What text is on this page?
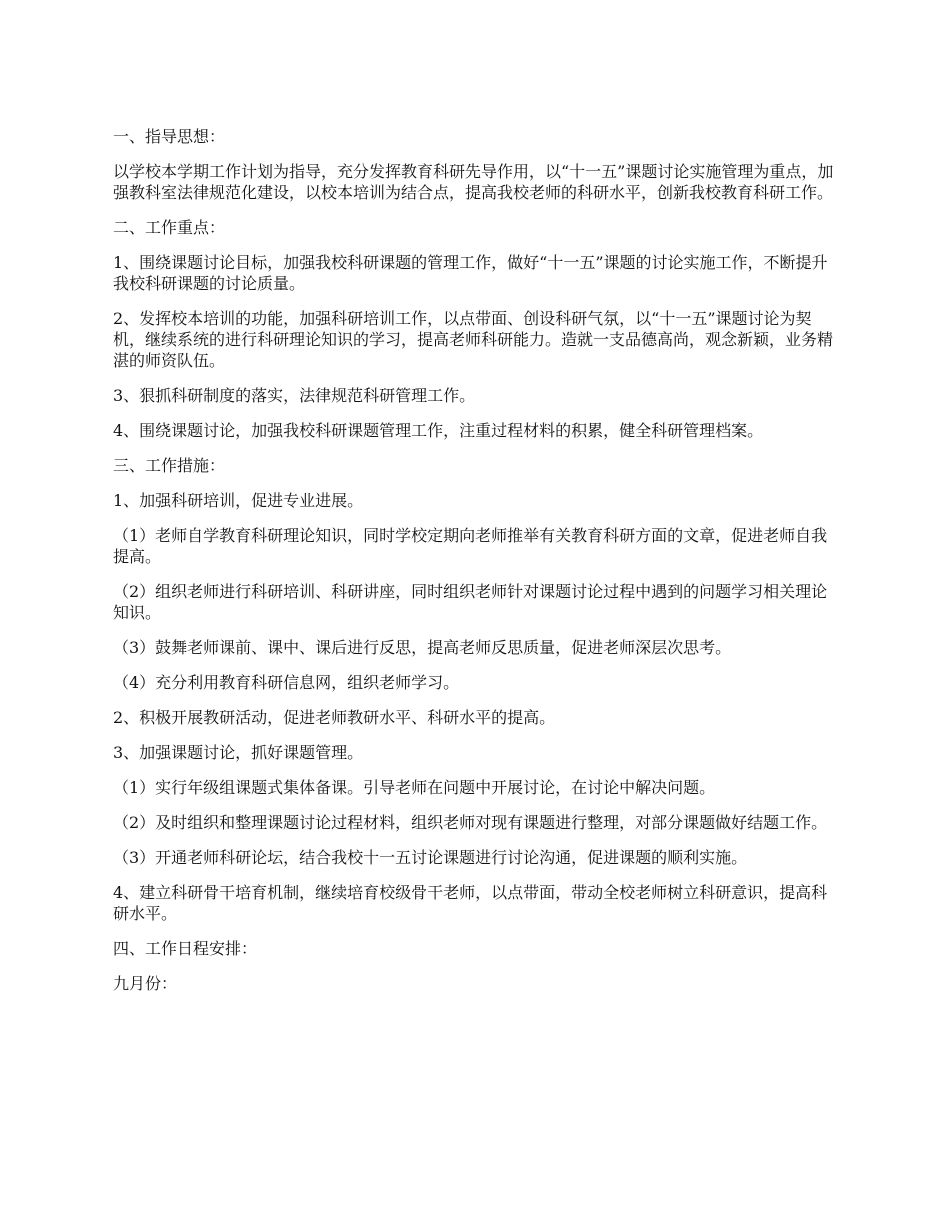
一、指导思想：

以学校本学期工作计划为指导，充分发挥教育科研先导作用，以“十一五”课题讨论实施管理为重点，加强教科室法律规范化建设，以校本培训为结合点，提高我校老师的科研水平，创新我校教育科研工作。

二、工作重点：

1、围绕课题讨论目标，加强我校科研课题的管理工作，做好“十一五”课题的讨论实施工作，不断提升我校科研课题的讨论质量。

2、发挥校本培训的功能，加强科研培训工作，以点带面、创设科研气氛，以“十一五”课题讨论为契机，继续系统的进行科研理论知识的学习，提高老师科研能力。造就一支品德高尚，观念新颖，业务精湛的师资队伍。

3、狠抓科研制度的落实，法律规范科研管理工作。

4、围绕课题讨论，加强我校科研课题管理工作，注重过程材料的积累，健全科研管理档案。

三、工作措施：

1、加强科研培训，促进专业进展。

（1）老师自学教育科研理论知识，同时学校定期向老师推举有关教育科研方面的文章，促进老师自我提高。

（2）组织老师进行科研培训、科研讲座，同时组织老师针对课题讨论过程中遇到的问题学习相关理论知识。

（3）鼓舞老师课前、课中、课后进行反思，提高老师反思质量，促进老师深层次思考。

（4）充分利用教育科研信息网，组织老师学习。

2、积极开展教研活动，促进老师教研水平、科研水平的提高。

3、加强课题讨论，抓好课题管理。

（1）实行年级组课题式集体备课。引导老师在问题中开展讨论，在讨论中解决问题。

（2）及时组织和整理课题讨论过程材料，组织老师对现有课题进行整理，对部分课题做好结题工作。

（3）开通老师科研论坛，结合我校十一五讨论课题进行讨论沟通，促进课题的顺利实施。

4、建立科研骨干培育机制，继续培育校级骨干老师，以点带面，带动全校老师树立科研意识，提高科研水平。

四、工作日程安排：

九月份：
